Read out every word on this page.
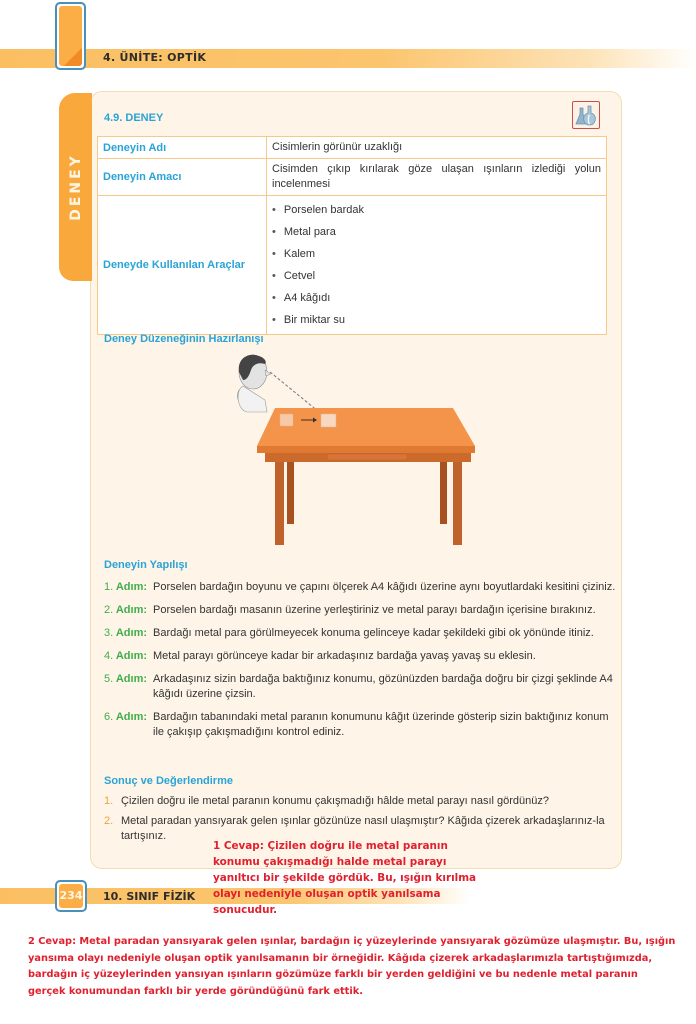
4. ÜNİTE: OPTİK
DENEY
4.9. DENEY
Deneyin Adı	Cisimlerin görünür uzaklığı
Deneyin Amacı	Cisimden çıkıp kırılarak göze ulaşan ışınların izlediği yolun incelenmesi
Deneyde Kullanılan Araçlar	
• Porselen bardak
• Metal para
• Kalem
• Cetvel
• A4 kâğıdı
• Bir miktar su
Deney Düzeneğinin Hazırlanışı
Deneyin Yapılışı
1. Adım: Porselen bardağın boyunu ve çapını ölçerek A4 kâğıdı üzerine aynı boyutlardaki kesitini çiziniz.
2. Adım: Porselen bardağı masanın üzerine yerleştiriniz ve metal parayı bardağın içerisine bırakınız.
3. Adım: Bardağı metal para görülmeyecek konuma gelinceye kadar şekildeki gibi ok yönünde itiniz.
4. Adım: Metal parayı görünceye kadar bir arkadaşınız bardağa yavaş yavaş su eklesin.
5. Adım: Arkadaşınız sizin bardağa baktığınız konumu, gözünüzden bardağa doğru bir çizgi şeklinde A4 kâğıdı üzerine çizsin.
6. Adım: Bardağın tabanındaki metal paranın konumunu kâğıt üzerinde gösterip sizin baktığınız konum ile çakışıp çakışmadığını kontrol ediniz.
Sonuç ve Değerlendirme
1. Çizilen doğru ile metal paranın konumu çakışmadığı hâlde metal parayı nasıl gördünüz?
2. Metal paradan yansıyarak gelen ışınlar gözünüze nasıl ulaşmıştır? Kâğıda çizerek arkadaşlarınız-la tartışınız.
234 10. SINIF FİZİK
1 Cevap: Çizilen doğru ile metal paranın konumu çakışmadığı halde metal parayı yanıltıcı bir şekilde gördük. Bu, ışığın kırılma olayı nedeniyle oluşan optik yanılsama sonucudur.
2 Cevap: Metal paradan yansıyarak gelen ışınlar, bardağın iç yüzeylerinde yansıyarak gözümüze ulaşmıştır. Bu, ışığın yansıma olayı nedeniyle oluşan optik yanılsamanın bir örneğidir. Kâğıda çizerek arkadaşlarımızla tartıştığımızda, bardağın iç yüzeylerinden yansıyan ışınların gözümüze farklı bir yerden geldiğini ve bu nedenle metal paranın gerçek konumundan farklı bir yerde göründüğünü fark ettik.
